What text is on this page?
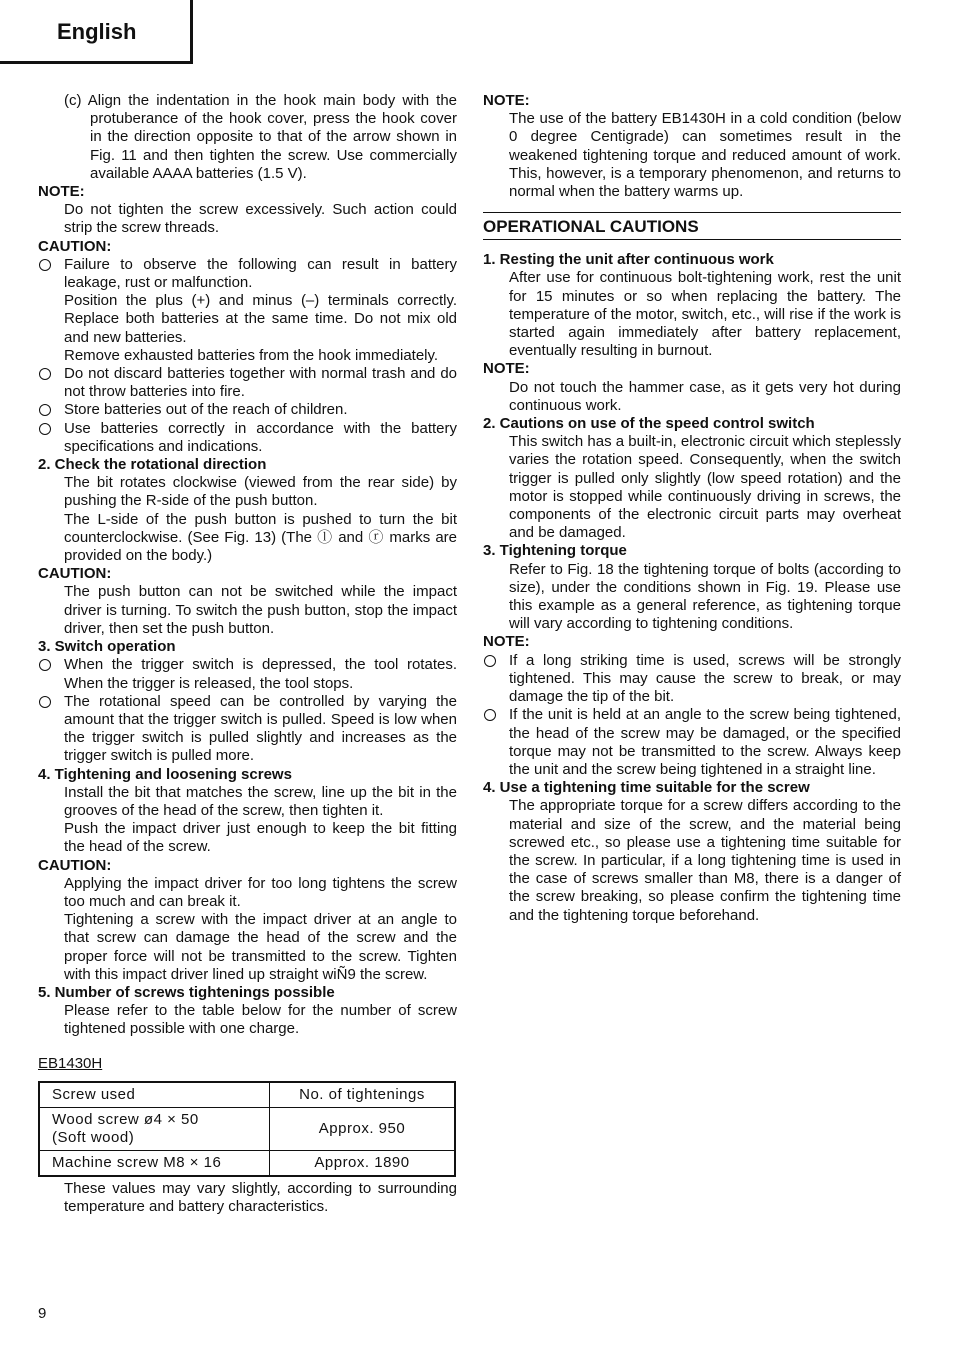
English

(c) Align the indentation in the hook main body with the protuberance of the hook cover, press the hook cover in the direction opposite to that of the arrow shown in Fig. 11 and then tighten the screw. Use commercially available AAAA batteries (1.5 V).

NOTE:

Do not tighten the screw excessively. Such action could strip the screw threads.

CAUTION:

Failure to observe the following can result in battery leakage, rust or malfunction.

Position the plus (+) and minus (–) terminals correctly. Replace both batteries at the same time. Do not mix old and new batteries.

Remove exhausted batteries from the hook immediately.

Do not discard batteries together with normal trash and do not throw batteries into fire.

Store batteries out of the reach of children.

Use batteries correctly in accordance with the battery specifications and indications.

2. Check the rotational direction

The bit rotates clockwise (viewed from the rear side) by pushing the R-side of the push button.

The L-side of the push button is pushed to turn the bit counterclockwise. (See Fig. 13) (The ⓛ and ⓡ marks are provided on the body.)

CAUTION:

The push button can not be switched while the impact driver is turning. To switch the push button, stop the impact driver, then set the push button.

3. Switch operation

When the trigger switch is depressed, the tool rotates. When the trigger is released, the tool stops.

The rotational speed can be controlled by varying the amount that the trigger switch is pulled. Speed is low when the trigger switch is pulled slightly and increases as the trigger switch is pulled more.

4. Tightening and loosening screws

Install the bit that matches the screw, line up the bit in the grooves of the head of the screw, then tighten it.

Push the impact driver just enough to keep the bit fitting the head of the screw.

CAUTION:

Applying the impact driver for too long tightens the screw too much and can break it.

Tightening a screw with the impact driver at an angle to that screw can damage the head of the screw and the proper force will not be transmitted to the screw. Tighten with this impact driver lined up straight wiÑ9 the screw.

5. Number of screws tightenings possible

Please refer to the table below for the number of screw tightened possible with one charge.

EB1430H

Screw used	No. of tightenings

Wood screw ø4 × 50
(Soft wood)	Approx. 950
Machine screw M8 × 16	Approx. 1890

These values may vary slightly, according to surrounding temperature and battery characteristics.

NOTE:

The use of the battery EB1430H in a cold condition (below 0 degree Centigrade) can sometimes result in the weakened tightening torque and reduced amount of work. This, however, is a temporary phenomenon, and returns to normal when the battery warms up.

OPERATIONAL CAUTIONS

1. Resting the unit after continuous work

After use for continuous bolt-tightening work, rest the unit for 15 minutes or so when replacing the battery. The temperature of the motor, switch, etc., will rise if the work is started again immediately after battery replacement, eventually resulting in burnout.

NOTE:

Do not touch the hammer case, as it gets very hot during continuous work.

2. Cautions on use of the speed control switch

This switch has a built-in, electronic circuit which steplessly varies the rotation speed. Consequently, when the switch trigger is pulled only slightly (low speed rotation) and the motor is stopped while continuously driving in screws, the components of the electronic circuit parts may overheat and be damaged.

3. Tightening torque

Refer to Fig. 18 the tightening torque of bolts (according to size), under the conditions shown in Fig. 19. Please use this example as a general reference, as tightening torque will vary according to tightening conditions.

NOTE:

If a long striking time is used, screws will be strongly tightened. This may cause the screw to break, or may damage the tip of the bit.

If the unit is held at an angle to the screw being tightened, the head of the screw may be damaged, or the specified torque may not be transmitted to the screw. Always keep the unit and the screw being tightened in a straight line.

4. Use a tightening time suitable for the screw

The appropriate torque for a screw differs according to the material and size of the screw, and the material being screwed etc., so please use a tightening time suitable for the screw. In particular, if a long tightening time is used in the case of screws smaller than M8, there is a danger of the screw breaking, so please confirm the tightening time and the tightening torque beforehand.

9
